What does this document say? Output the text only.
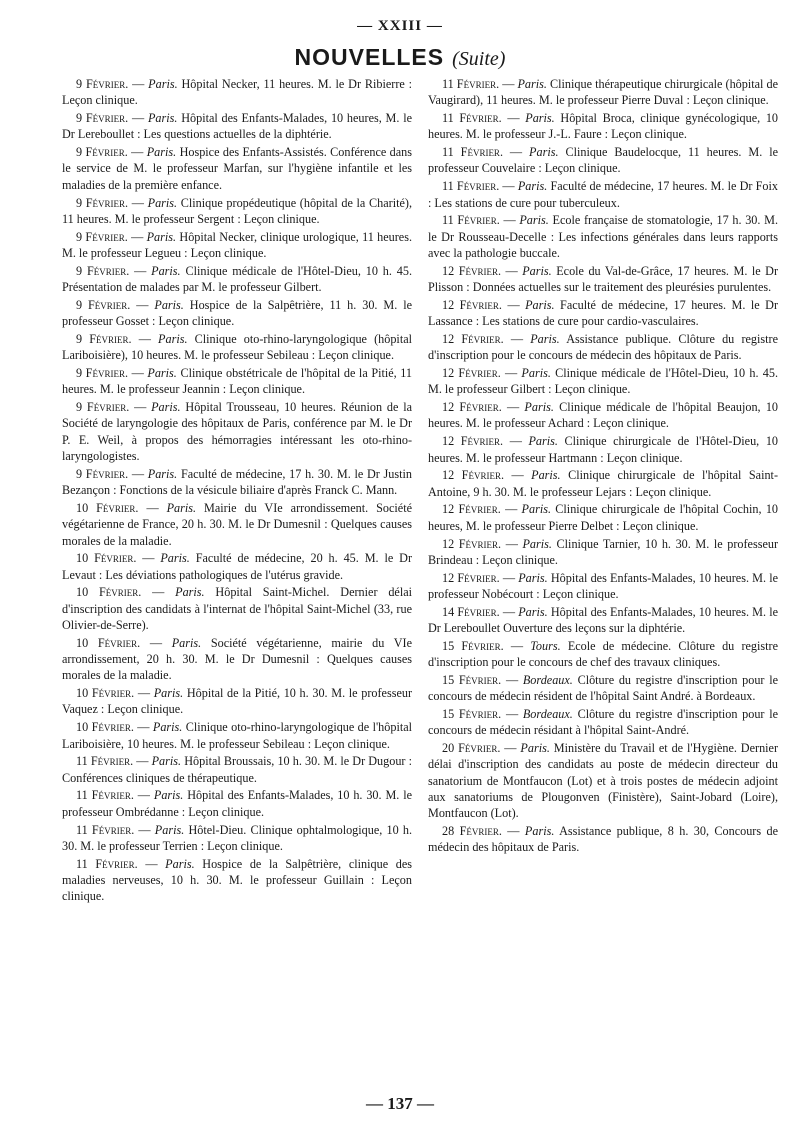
— XXIII —
NOUVELLES (Suite)

9 Février. — Paris. Hôpital Necker, 11 heures. M. le Dr Ribierre : Leçon clinique.

9 Février. — Paris. Hôpital des Enfants-Malades, 10 heures, M. le Dr Lereboullet : Les questions actuelles de la diphtérie.

9 Février. — Paris. Hospice des Enfants-Assistés. Conférence dans le service de M. le professeur Marfan, sur l'hygiène infantile et les maladies de la première enfance.

9 Février. — Paris. Clinique propédeutique (hôpital de la Charité), 11 heures. M. le professeur Sergent : Leçon clinique.

9 Février. — Paris. Hôpital Necker, clinique urologique, 11 heures. M. le professeur Legueu : Leçon clinique.

9 Février. — Paris. Clinique médicale de l'Hôtel-Dieu, 10 h. 45. Présentation de malades par M. le professeur Gilbert.

9 Février. — Paris. Hospice de la Salpêtrière, 11 h. 30. M. le professeur Gosset : Leçon clinique.

9 Février. — Paris. Clinique oto-rhino-laryngologique (hôpital Lariboisière), 10 heures. M. le professeur Sebileau : Leçon clinique.

9 Février. — Paris. Clinique obstétricale de l'hôpital de la Pitié, 11 heures. M. le professeur Jeannin : Leçon clinique.

9 Février. — Paris. Hôpital Trousseau, 10 heures. Réunion de la Société de laryngologie des hôpitaux de Paris, conférence par M. le Dr P. E. Weil, à propos des hémorragies intéressant les oto-rhino-laryngologistes.

9 Février. — Paris. Faculté de médecine, 17 h. 30. M. le Dr Justin Bezançon : Fonctions de la vésicule biliaire d'après Franck C. Mann.

10 Février. — Paris. Mairie du VIe arrondissement. Société végétarienne de France, 20 h. 30. M. le Dr Dumesnil : Quelques causes morales de la maladie.

10 Février. — Paris. Faculté de médecine, 20 h. 45. M. le Dr Levaut : Les déviations pathologiques de l'utérus gravide.

10 Février. — Paris. Hôpital Saint-Michel. Dernier délai d'inscription des candidats à l'internat de l'hôpital Saint-Michel (33, rue Olivier-de-Serre).

10 Février. — Paris. Société végétarienne, mairie du VIe arrondissement, 20 h. 30. M. le Dr Dumesnil : Quelques causes morales de la maladie.

10 Février. — Paris. Hôpital de la Pitié, 10 h. 30. M. le professeur Vaquez : Leçon clinique.

10 Février. — Paris. Clinique oto-rhino-laryngologique de l'hôpital Lariboisière, 10 heures. M. le professeur Sebileau : Leçon clinique.

11 Février. — Paris. Hôpital Broussais, 10 h. 30. M. le Dr Dugour : Conférences cliniques de thérapeutique.

11 Février. — Paris. Hôpital des Enfants-Malades, 10 h. 30. M. le professeur Ombrédanne : Leçon clinique.

11 Février. — Paris. Hôtel-Dieu. Clinique ophtalmologique, 10 h. 30. M. le professeur Terrien : Leçon clinique.

11 Février. — Paris. Hospice de la Salpêtrière, clinique des maladies nerveuses, 10 h. 30. M. le professeur Guillain : Leçon clinique.

11 Février. — Paris. Clinique thérapeutique chirurgicale (hôpital de Vaugirard), 11 heures. M. le professeur Pierre Duval : Leçon clinique.

11 Février. — Paris. Hôpital Broca, clinique gynécologique, 10 heures. M. le professeur J.-L. Faure : Leçon clinique.

11 Février. — Paris. Clinique Baudelocque, 11 heures. M. le professeur Couvelaire : Leçon clinique.

11 Février. — Paris. Faculté de médecine, 17 heures. M. le Dr Foix : Les stations de cure pour tuberculeux.

11 Février. — Paris. Ecole française de stomatologie, 17 h. 30. M. le Dr Rousseau-Decelle : Les infections générales dans leurs rapports avec la pathologie buccale.

12 Février. — Paris. Ecole du Val-de-Grâce, 17 heures. M. le Dr Plisson : Données actuelles sur le traitement des pleurésies purulentes.

12 Février. — Paris. Faculté de médecine, 17 heures. M. le Dr Lassance : Les stations de cure pour cardio-vasculaires.

12 Février. — Paris. Assistance publique. Clôture du registre d'inscription pour le concours de médecin des hôpitaux de Paris.

12 Février. — Paris. Clinique médicale de l'Hôtel-Dieu, 10 h. 45. M. le professeur Gilbert : Leçon clinique.

12 Février. — Paris. Clinique médicale de l'hôpital Beaujon, 10 heures. M. le professeur Achard : Leçon clinique.

12 Février. — Paris. Clinique chirurgicale de l'Hôtel-Dieu, 10 heures. M. le professeur Hartmann : Leçon clinique.

12 Février. — Paris. Clinique chirurgicale de l'hôpital Saint-Antoine, 9 h. 30. M. le professeur Lejars : Leçon clinique.

12 Février. — Paris. Clinique chirurgicale de l'hôpital Cochin, 10 heures, M. le professeur Pierre Delbet : Leçon clinique.

12 Février. — Paris. Clinique Tarnier, 10 h. 30. M. le professeur Brindeau : Leçon clinique.

12 Février. — Paris. Hôpital des Enfants-Malades, 10 heures. M. le professeur Nobécourt : Leçon clinique.

14 Février. — Paris. Hôpital des Enfants-Malades, 10 heures. M. le Dr Lereboullet Ouverture des leçons sur la diphtérie.

15 Février. — Tours. Ecole de médecine. Clôture du registre d'inscription pour le concours de chef des travaux cliniques.

15 Février. — Bordeaux. Clôture du registre d'inscription pour le concours de médecin résident de l'hôpital Saint André. à Bordeaux.

15 Février. — Bordeaux. Clôture du registre d'inscription pour le concours de médecin résidant à l'hôpital Saint-André.

20 Février. — Paris. Ministère du Travail et de l'Hygiène. Dernier délai d'inscription des candidats au poste de médecin directeur du sanatorium de Montfaucon (Lot) et à trois postes de médecin adjoint aux sanatoriums de Plougonven (Finistère), Saint-Jobard (Loire), Montfaucon (Lot).

28 Février. — Paris. Assistance publique, 8 h. 30, Concours de médecin des hôpitaux de Paris.

— 137 —
